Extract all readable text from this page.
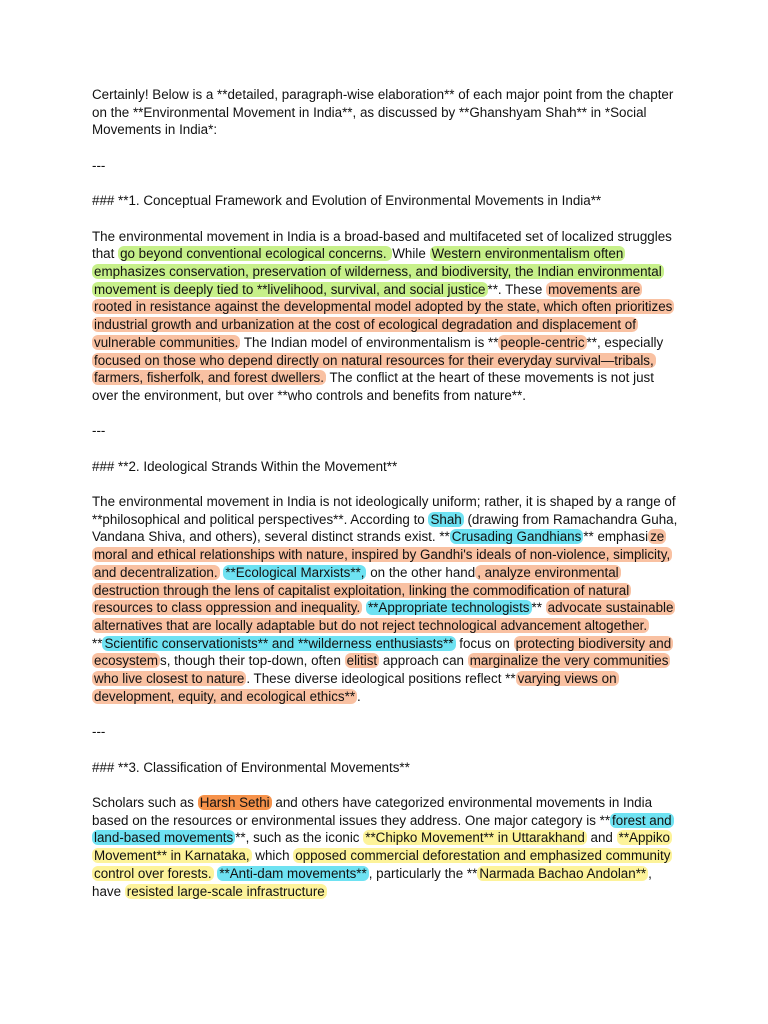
Certainly! Below is a **detailed, paragraph-wise elaboration** of each major point from the chapter on the **Environmental Movement in India**, as discussed by **Ghanshyam Shah** in *Social Movements in India*:

---

### **1. Conceptual Framework and Evolution of Environmental Movements in India**

The environmental movement in India is a broad-based and multifaceted set of localized struggles that go beyond conventional ecological concerns. While Western environmentalism often emphasizes conservation, preservation of wilderness, and biodiversity, the Indian environmental movement is deeply tied to **livelihood, survival, and social justice **. These movements are rooted in resistance against the developmental model adopted by the state, which often prioritizes industrial growth and urbanization at the cost of ecological degradation and displacement of vulnerable communities. The Indian model of environmentalism is ** people-centric **, especially focused on those who depend directly on natural resources for their everyday survival—tribals, farmers, fisherfolk, and forest dwellers. The conflict at the heart of these movements is not just over the environment, but over **who controls and benefits from nature**.

---

### **2. Ideological Strands Within the Movement**

The environmental movement in India is not ideologically uniform; rather, it is shaped by a range of **philosophical and political perspectives**. According to Shah (drawing from Ramachandra Guha, Vandana Shiva, and others), several distinct strands exist. ** Crusading Gandhians ** emphasi ze moral and ethical relationships with nature, inspired by Gandhi's ideals of non-violence, simplicity, and decentralization. **Ecological Marxists**, on the other hand , analyze environmental destruction through the lens of capitalist exploitation, linking the commodification of natural resources to class oppression and inequality. **Appropriate technologists ** advocate sustainable alternatives that are locally adaptable but do not reject technological advancement altogether. ** Scientific conservationists** and **wilderness enthusiasts** focus on protecting biodiversity and ecosystem s, though their top-down, often elitist approach can marginalize the very communities who live closest to nature . These diverse ideological positions reflect ** varying views on development, equity, and ecological ethics** .

---

### **3. Classification of Environmental Movements**

Scholars such as Harsh Sethi and others have categorized environmental movements in India based on the resources or environmental issues they address. One major category is ** forest and land-based movements **, such as the iconic **Chipko Movement** in Uttarakhand and **Appiko Movement** in Karnataka, which opposed commercial deforestation and emphasized community control over forests. **Anti-dam movements** , particularly the ** Narmada Bachao Andolan** , have resisted large-scale infrastructure
